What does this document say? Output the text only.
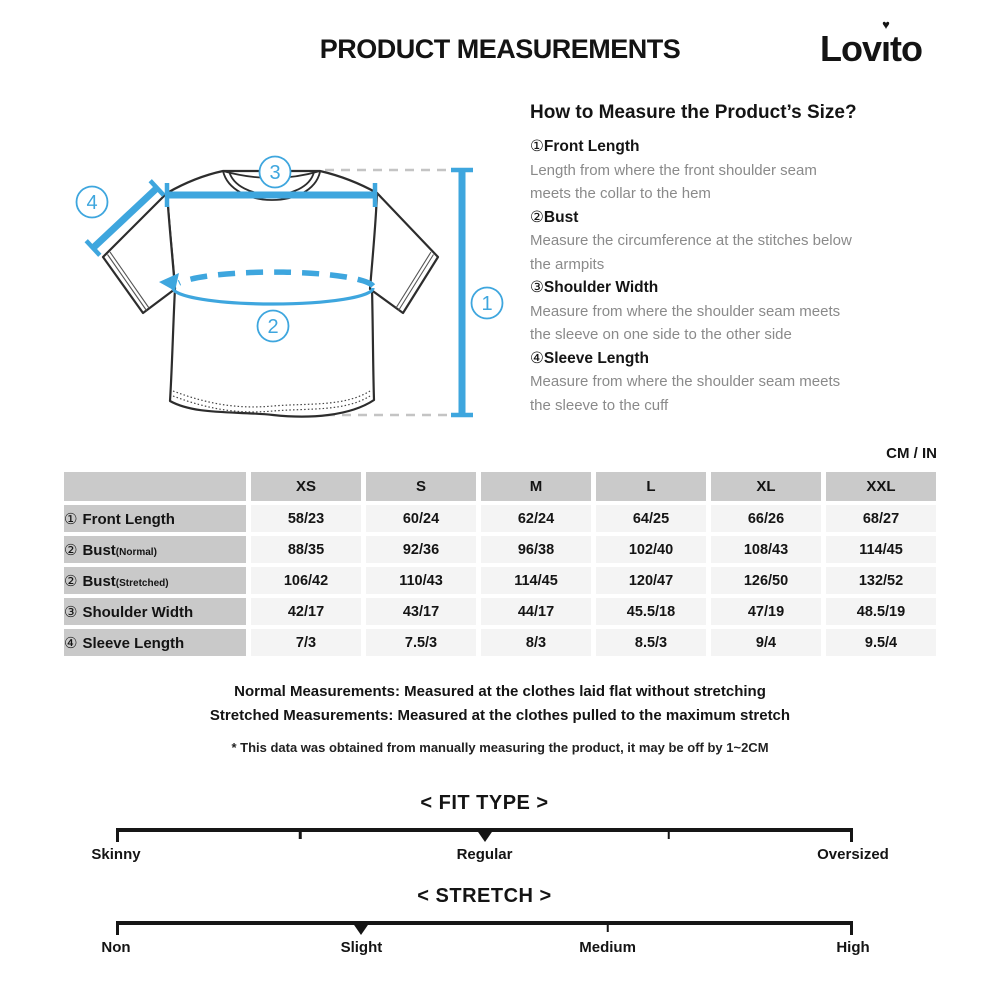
PRODUCT MEASUREMENTS	Lov
♥
ıto
3
4
2
1
How to Measure the Product’s Size?
①Front Length
Length from where the front shoulder seam
meets the collar to the hem
②Bust
Measure the circumference at the stitches below
the armpits
③Shoulder Width
Measure from where the shoulder seam meets
the sleeve on one side to the other side
④Sleeve Length
Measure from where the shoulder seam meets
the sleeve to the cuff
CM / IN
	XS	S	M	L	XL	XXL
① Front Length	58/23	60/24	62/24	64/25	66/26	68/27
② Bust(Normal)	88/35	92/36	96/38	102/40	108/43	114/45
② Bust(Stretched)	106/42	110/43	114/45	120/47	126/50	132/52
③ Shoulder Width	42/17	43/17	44/17	45.5/18	47/19	48.5/19
④ Sleeve Length	7/3	7.5/3	8/3	8.5/3	9/4	9.5/4
Normal Measurements: Measured at the clothes laid flat without stretching
Stretched Measurements: Measured at the clothes pulled to the maximum stretch
* This data was obtained from manually measuring the product, it may be off by 1~2CM
< FIT TYPE >
Skinny	Regular	Oversized
< STRETCH >
Non	Slight	Medium	High
